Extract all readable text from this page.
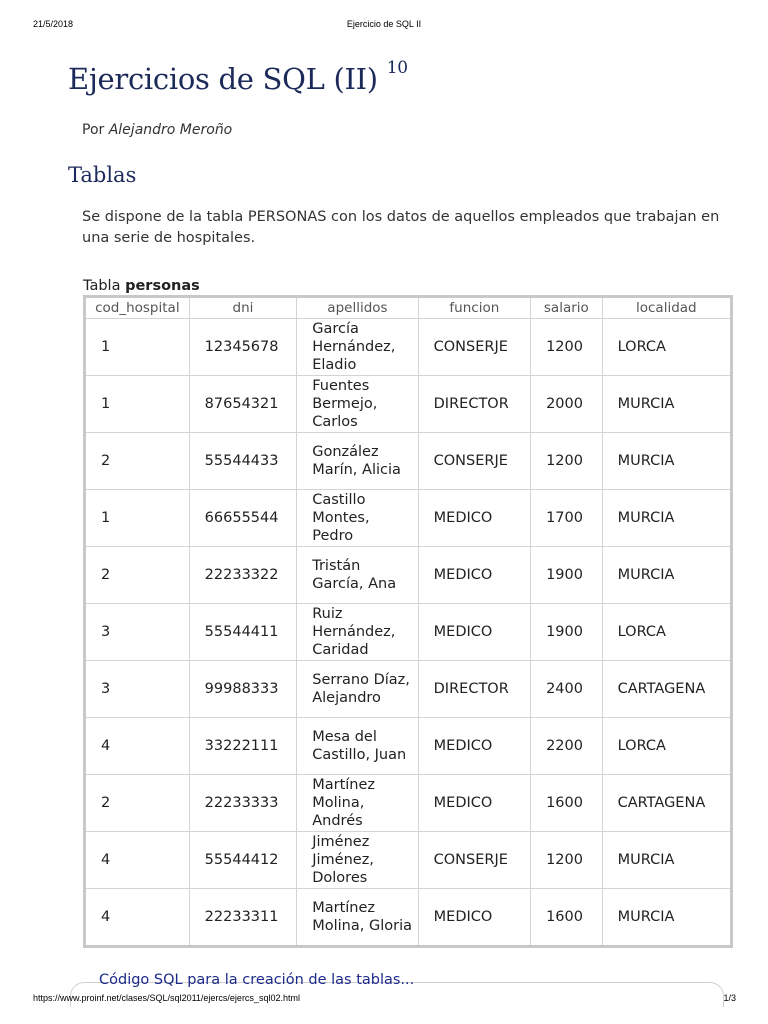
21/5/2018	Ejercicio de SQL II
Ejercicios de SQL (II) $^{10}$

Por Alejandro Meroño

Tablas

Se dispone de la tabla PERSONAS con los datos de aquellos empleados que trabajan en una serie de hospitales.

Tabla personas

cod_hospital	dni	apellidos	funcion	salario	localidad
1	12345678	García Hernández, Eladio	CONSERJE	1200	LORCA
1	87654321	Fuentes Bermejo, Carlos	DIRECTOR	2000	MURCIA
2	55544433	González Marín, Alicia	CONSERJE	1200	MURCIA
1	66655544	Castillo Montes, Pedro	MEDICO	1700	MURCIA
2	22233322	Tristán García, Ana	MEDICO	1900	MURCIA
3	55544411	Ruiz Hernández, Caridad	MEDICO	1900	LORCA
3	99988333	Serrano Díaz, Alejandro	DIRECTOR	2400	CARTAGENA
4	33222111	Mesa del Castillo, Juan	MEDICO	2200	LORCA
2	22233333	Martínez Molina, Andrés	MEDICO	1600	CARTAGENA
4	55544412	Jiménez Jiménez, Dolores	CONSERJE	1200	MURCIA
4	22233311	Martínez Molina, Gloria	MEDICO	1600	MURCIA
Código SQL para la creación de las tablas...
https://www.proinf.net/clases/SQL/sql2011/ejercs/ejercs_sql02.html	1/3
